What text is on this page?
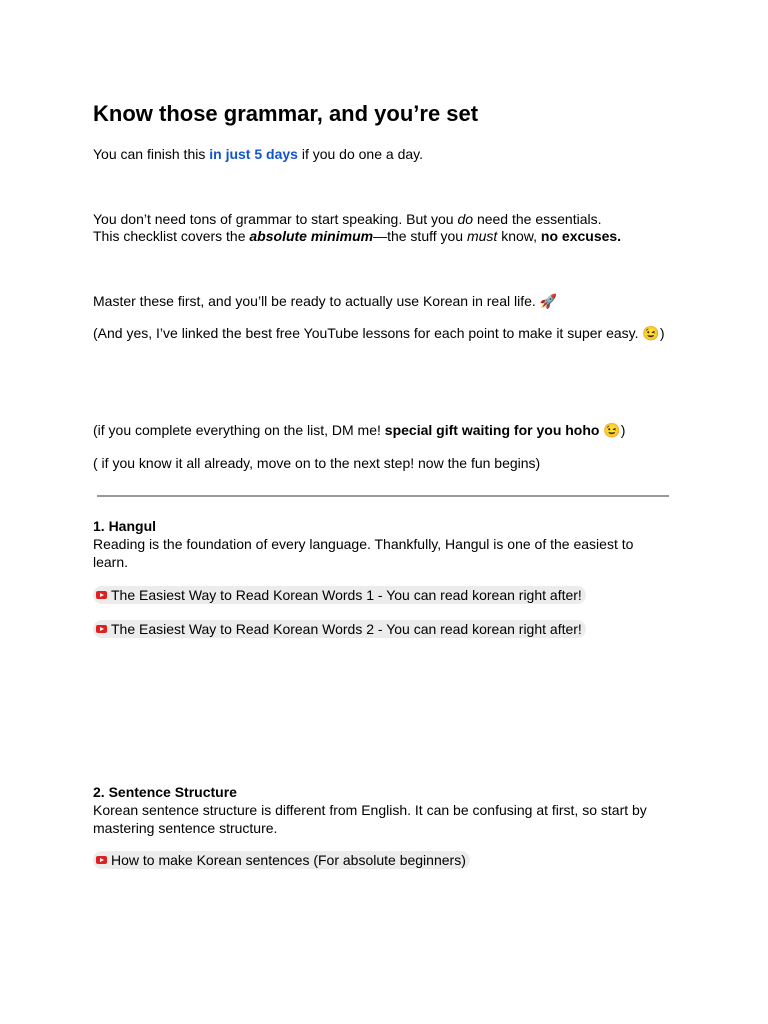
Know those grammar, and you’re set
You can finish this in just 5 days if you do one a day.
You don’t need tons of grammar to start speaking. But you do need the essentials.
This checklist covers the absolute minimum—the stuff you must know, no excuses.
Master these first, and you’ll be ready to actually use Korean in real life. 🚀
(And yes, I’ve linked the best free YouTube lessons for each point to make it super easy. 😉)
(if you complete everything on the list, DM me! special gift waiting for you hoho 😉)
( if you know it all already, move on to the next step! now the fun begins)
1. Hangul
Reading is the foundation of every language. Thankfully, Hangul is one of the easiest to learn.
The Easiest Way to Read Korean Words 1 - You can read korean right after!
The Easiest Way to Read Korean Words 2 - You can read korean right after!
2. Sentence Structure
Korean sentence structure is different from English. It can be confusing at first, so start by mastering sentence structure.
How to make Korean sentences (For absolute beginners)
